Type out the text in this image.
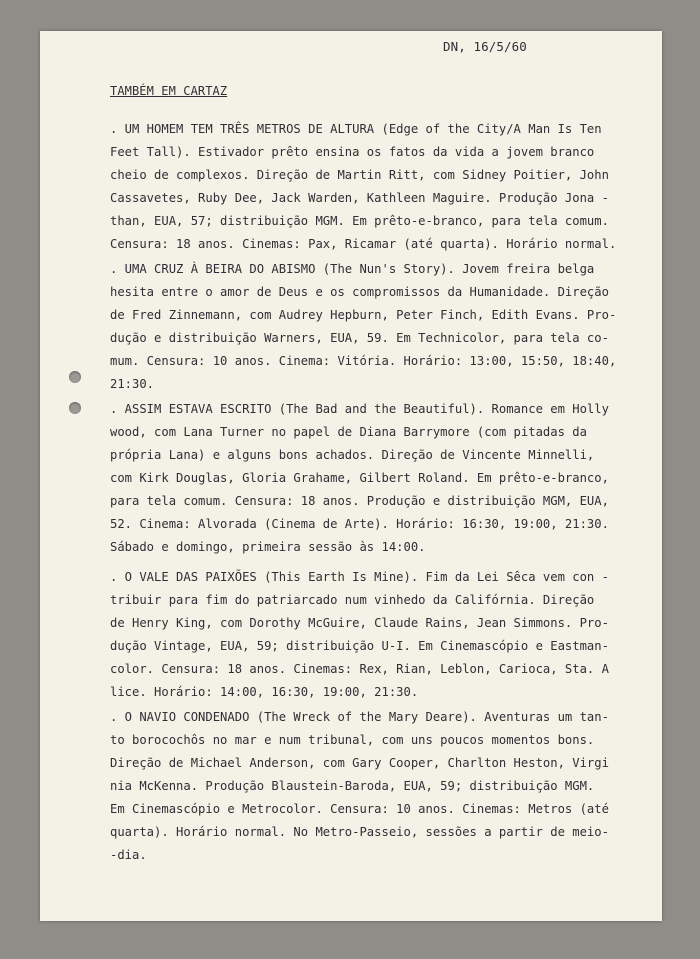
DN, 16/5/60
TAMBÉM EM CARTAZ
. UM HOMEM TEM TRÊS METROS DE ALTURA (Edge of the City/A Man Is Ten
Feet Tall). Estivador prêto ensina os fatos da vida a jovem branco
cheio de complexos. Direção de Martin Ritt, com Sidney Poitier, John
Cassavetes, Ruby Dee, Jack Warden, Kathleen Maguire. Produção Jona -
than, EUA, 57; distribuição MGM. Em prêto-e-branco, para tela comum.
Censura: 18 anos. Cinemas: Pax, Ricamar (até quarta). Horário normal.
. UMA CRUZ À BEIRA DO ABISMO (The Nun's Story). Jovem freira belga
hesita entre o amor de Deus e os compromissos da Humanidade. Direção
de Fred Zinnemann, com Audrey Hepburn, Peter Finch, Edith Evans. Pro-
dução e distribuição Warners, EUA, 59. Em Technicolor, para tela co-
mum. Censura: 10 anos. Cinema: Vitória. Horário: 13:00, 15:50, 18:40,
21:30.
. ASSIM ESTAVA ESCRITO (The Bad and the Beautiful). Romance em Holly
wood, com Lana Turner no papel de Diana Barrymore (com pitadas da
própria Lana) e alguns bons achados. Direção de Vincente Minnelli,
com Kirk Douglas, Gloria Grahame, Gilbert Roland. Em prêto-e-branco,
para tela comum. Censura: 18 anos. Produção e distribuição MGM, EUA,
52. Cinema: Alvorada (Cinema de Arte). Horário: 16:30, 19:00, 21:30.
Sábado e domingo, primeira sessão às 14:00.
. O VALE DAS PAIXÕES (This Earth Is Mine). Fim da Lei Sêca vem con -
tribuir para fim do patriarcado num vinhedo da Califórnia. Direção
de Henry King, com Dorothy McGuire, Claude Rains, Jean Simmons. Pro-
dução Vintage, EUA, 59; distribuição U-I. Em Cinemascópio e Eastman-
color. Censura: 18 anos. Cinemas: Rex, Rian, Leblon, Carioca, Sta. A
lice. Horário: 14:00, 16:30, 19:00, 21:30.
. O NAVIO CONDENADO (The Wreck of the Mary Deare). Aventuras um tan-
to borocochôs no mar e num tribunal, com uns poucos momentos bons.
Direção de Michael Anderson, com Gary Cooper, Charlton Heston, Virgi
nia McKenna. Produção Blaustein-Baroda, EUA, 59; distribuição MGM.
Em Cinemascópio e Metrocolor. Censura: 10 anos. Cinemas: Metros (até
quarta). Horário normal. No Metro-Passeio, sessões a partir de meio-
-dia.
